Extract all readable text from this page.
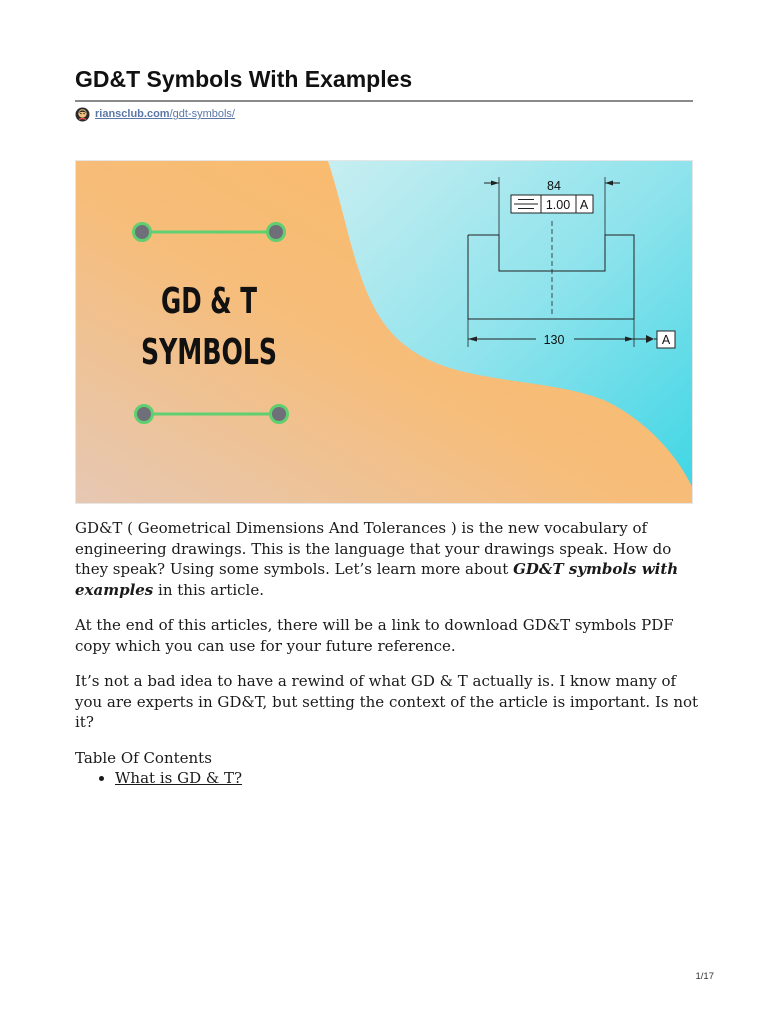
GD&T Symbols With Examples
riansclub.com/gdt-symbols/
GD & T
SYMBOLS
84
1.00 A
130	A

GD&T ( Geometrical Dimensions And Tolerances ) is the new vocabulary of engineering drawings. This is the language that your drawings speak. How do they speak? Using some symbols. Let’s learn more about GD&T symbols with examples in this article.

At the end of this articles, there will be a link to download GD&T symbols PDF copy which you can use for your future reference.

It’s not a bad idea to have a rewind of what GD & T actually is. I know many of you are experts in GD&T, but setting the context of the article is important. Is not it?

Table Of Contents
• What is GD & T?
1/17
